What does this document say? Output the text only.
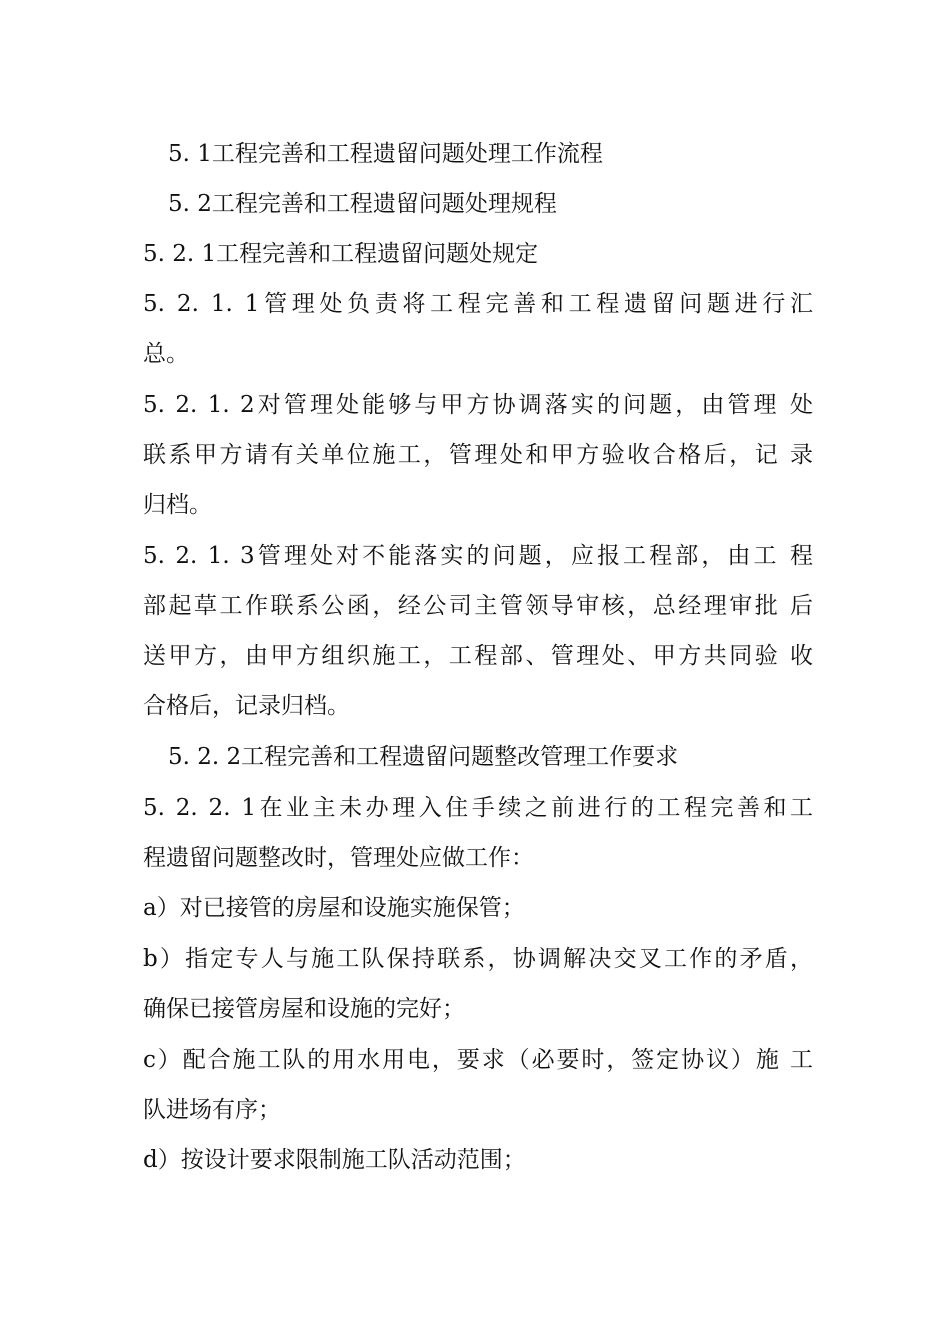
5. 1工程完善和工程遗留问题处理工作流程

5. 2工程完善和工程遗留问题处理规程

5. 2. 1工程完善和工程遗留问题处规定

5. 2. 1. 1管理处负责将工程完善和工程遗留问题进行汇

总。

5. 2. 1. 2对管理处能够与甲方协调落实的问题，由管理 处

联系甲方请有关单位施工，管理处和甲方验收合格后，记 录

归档。

5. 2. 1. 3管理处对不能落实的问题，应报工程部，由工 程

部起草工作联系公函，经公司主管领导审核，总经理审批 后

送甲方，由甲方组织施工，工程部、管理处、甲方共同验 收

合格后，记录归档。

5. 2. 2工程完善和工程遗留问题整改管理工作要求

5. 2. 2. 1在业主未办理入住手续之前进行的工程完善和工

程遗留问题整改时，管理处应做工作：

a）对已接管的房屋和设施实施保管；

b）指定专人与施工队保持联系，协调解决交叉工作的矛盾，

确保已接管房屋和设施的完好；

c）配合施工队的用水用电，要求（必要时，签定协议）施 工

队进场有序；

d）按设计要求限制施工队活动范围；
